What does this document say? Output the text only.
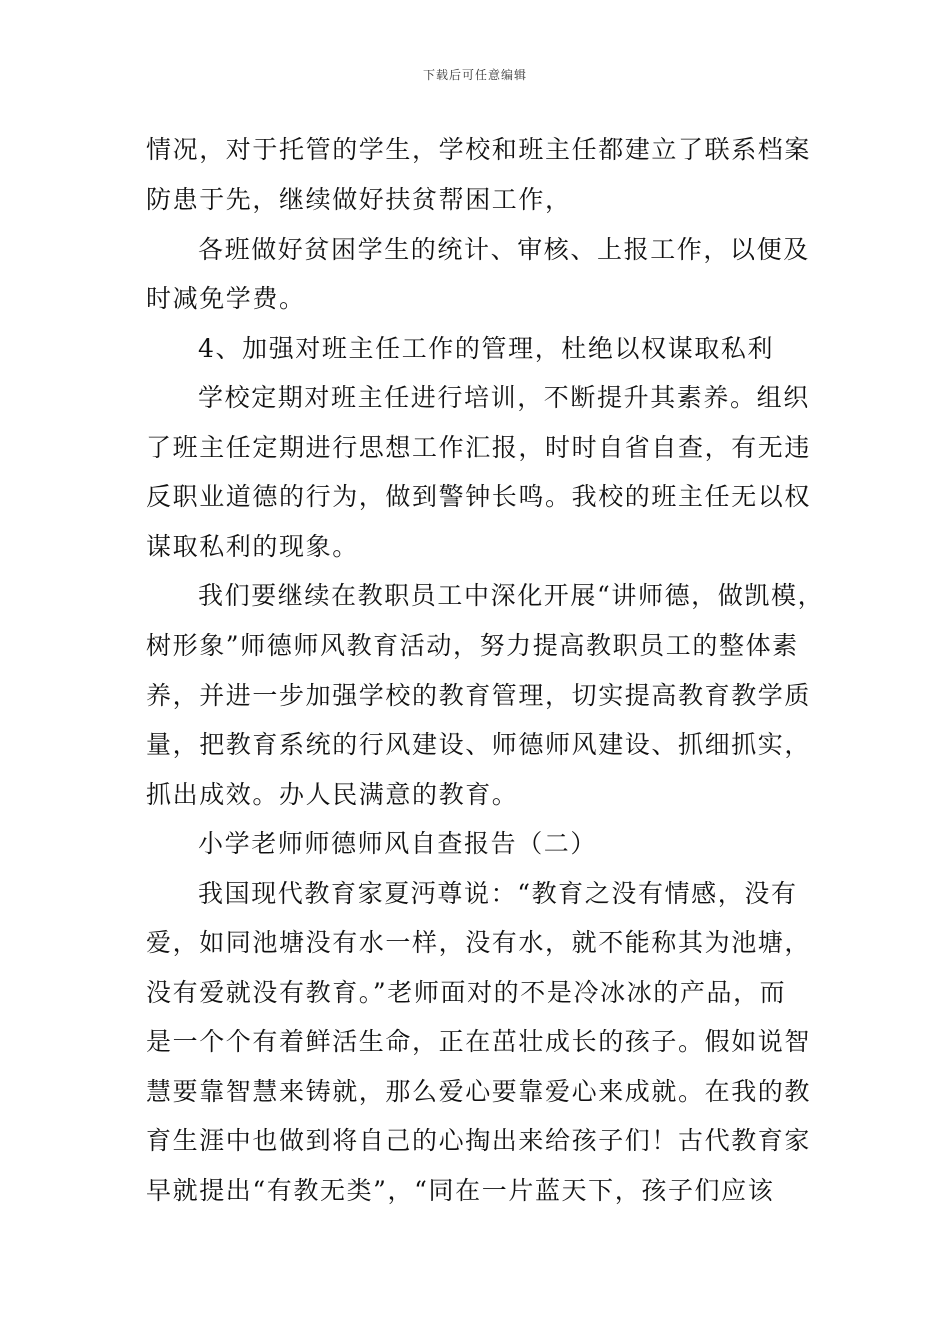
下载后可任意编辑
情况，对于托管的学生，学校和班主任都建立了联系档案
防患于先，继续做好扶贫帮困工作，
各班做好贫困学生的统计、审核、上报工作，以便及
时减免学费。
4、加强对班主任工作的管理，杜绝以权谋取私利
学校定期对班主任进行培训，不断提升其素养。组织
了班主任定期进行思想工作汇报，时时自省自查，有无违
反职业道德的行为，做到警钟长鸣。我校的班主任无以权
谋取私利的现象。
我们要继续在教职员工中深化开展“讲师德，做凯模，
树形象”师德师风教育活动，努力提高教职员工的整体素
养，并进一步加强学校的教育管理，切实提高教育教学质
量，把教育系统的行风建设、师德师风建设、抓细抓实，
抓出成效。办人民满意的教育。
小学老师师德师风自查报告（二）
我国现代教育家夏沔尊说：“教育之没有情感，没有
爱，如同池塘没有水一样，没有水，就不能称其为池塘，
没有爱就没有教育。”老师面对的不是冷冰冰的产品，而
是一个个有着鲜活生命，正在茁壮成长的孩子。假如说智
慧要靠智慧来铸就，那么爱心要靠爱心来成就。在我的教
育生涯中也做到将自己的心掏出来给孩子们！古代教育家
早就提出“有教无类”，“同在一片蓝天下，孩子们应该
